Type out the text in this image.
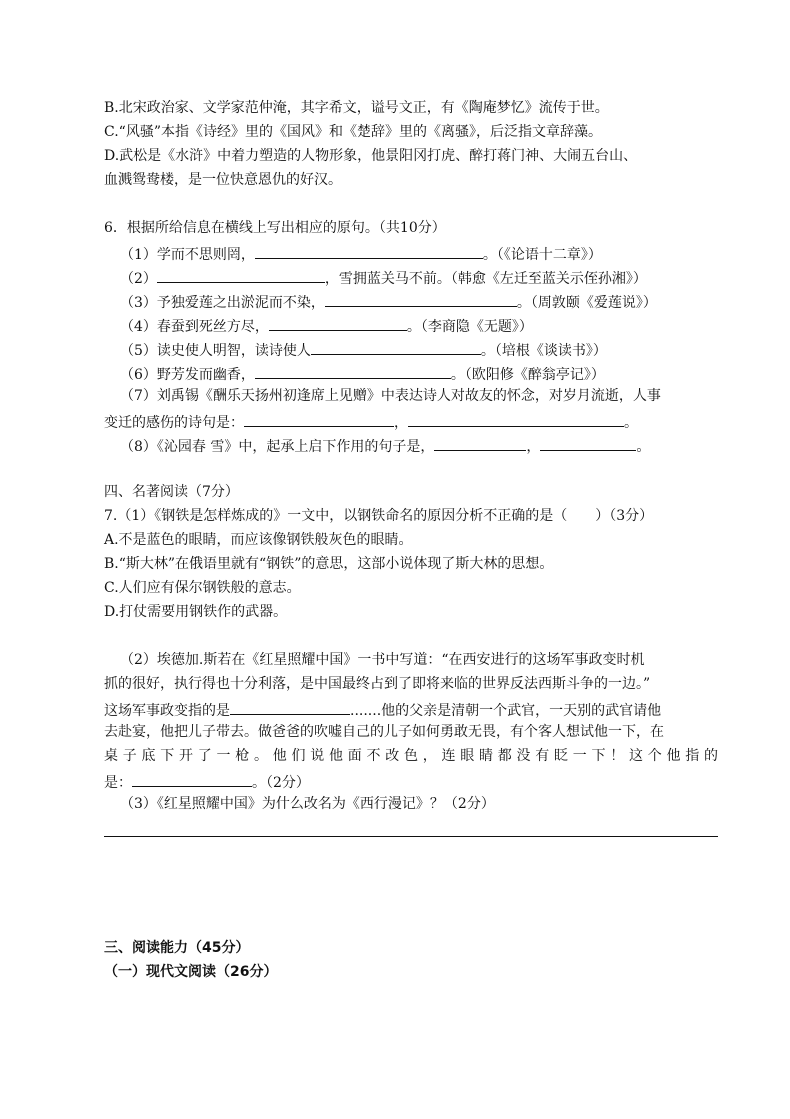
B.北宋政治家、文学家范仲淹，其字希文，谥号文正，有《陶庵梦忆》流传于世。
C.“风骚”本指《诗经》里的《国风》和《楚辞》里的《离骚》，后泛指文章辞藻。
D.武松是《水浒》中着力塑造的人物形象，他景阳冈打虎、醉打蒋门神、大闹五台山、
血溅鸳鸯楼，是一位快意恩仇的好汉。
6．根据所给信息在横线上写出相应的原句。（共10分）
（1）学而不思则罔，	。（《论语十二章》）
（2）	，雪拥蓝关马不前。（韩愈《左迁至蓝关示侄孙湘》）
（3）予独爱莲之出淤泥而不染，	。（周敦颐《爱莲说》）
（4）春蚕到死丝方尽，	。（李商隐《无题》）
（5）读史使人明智，读诗使人	。（培根《谈读书》）
（6）野芳发而幽香，	。（欧阳修《醉翁亭记》）
（7）刘禹锡《酬乐天扬州初逢席上见赠》中表达诗人对故友的怀念，对岁月流逝，人事
变迁的感伤的诗句是：	，	。
（8）《沁园春 雪》中，起承上启下作用的句子是，	，	。
四、名著阅读（7分）
7.（1）《钢铁是怎样炼成的》一文中，以钢铁命名的原因分析不正确的是（　　）（3分）
A.不是蓝色的眼睛，而应该像钢铁般灰色的眼睛。
B.“斯大林”在俄语里就有“钢铁”的意思，这部小说体现了斯大林的思想。
C.人们应有保尔钢铁般的意志。
D.打仗需要用钢铁作的武器。
（2）埃德加.斯若在《红星照耀中国》一书中写道：“在西安进行的这场军事政变时机
抓的很好，执行得也十分利落，是中国最终占到了即将来临的世界反法西斯斗争的一边。”
这场军事政变指的是	.......他的父亲是清朝一个武官，一天别的武官请他
去赴宴，他把儿子带去。做爸爸的吹嘘自己的儿子如何勇敢无畏，有个客人想试他一下，在
桌子底下开了一枪。他们说他面不改色，连眼睛都没有眨一下！这个他指的
是：	。（2分）
（3）《红星照耀中国》为什么改名为《西行漫记》？（2分）
三、阅读能力（45分）
（一）现代文阅读（26分）
